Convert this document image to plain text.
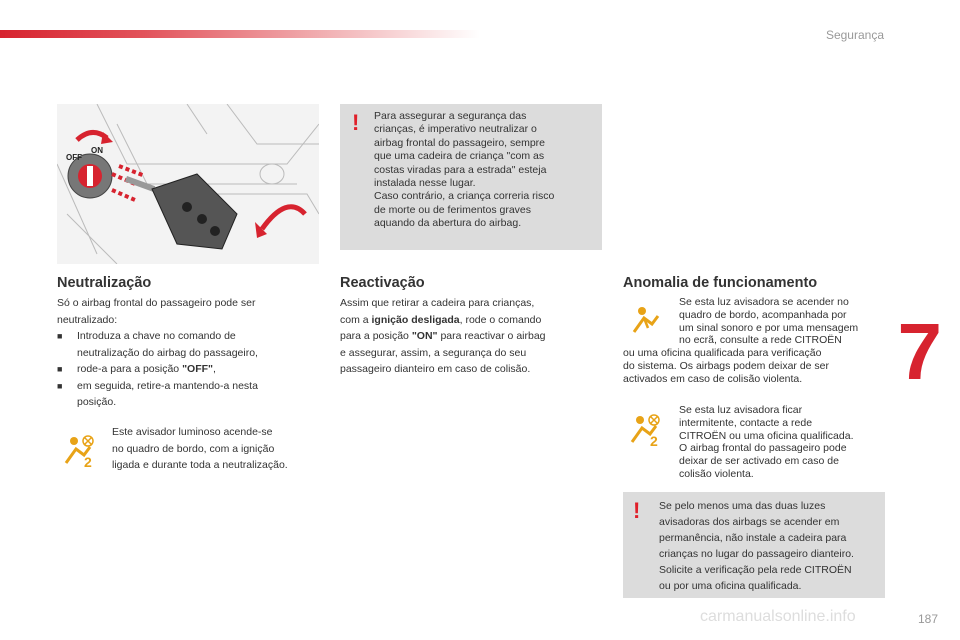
Segurança
7
OFF
ON
! Para assegurar a segurança das
crianças, é imperativo neutralizar o
airbag frontal do passageiro, sempre
que uma cadeira de criança "com as
costas viradas para a estrada" esteja
instalada nesse lugar.
Caso contrário, a criança correria risco
de morte ou de ferimentos graves
aquando da abertura do airbag.
Neutralização
Só o airbag frontal do passageiro pode ser
neutralizado:
■ Introduza a chave no comando de
neutralização do airbag do passageiro,
■ rode-a para a posição "OFF",
■ em seguida, retire-a mantendo-a nesta
posição.
2
Este avisador luminoso acende-se
no quadro de bordo, com a ignição
ligada e durante toda a neutralização.
Reactivação
Assim que retirar a cadeira para crianças,
com a ignição desligada, rode o comando
para a posição "ON" para reactivar o airbag
e assegurar, assim, a segurança do seu
passageiro dianteiro em caso de colisão.
Anomalia de funcionamento
Se esta luz avisadora se acender no
quadro de bordo, acompanhada por
um sinal sonoro e por uma mensagem
no ecrã, consulte a rede CITROËN
ou uma oficina qualificada para verificação
do sistema. Os airbags podem deixar de ser
activados em caso de colisão violenta.
2
Se esta luz avisadora ficar
intermitente, contacte a rede
CITROËN ou uma oficina qualificada.
O airbag frontal do passageiro pode
deixar de ser activado em caso de
colisão violenta.
! Se pelo menos uma das duas luzes
avisadoras dos airbags se acender em
permanência, não instale a cadeira para
crianças no lugar do passageiro dianteiro.
Solicite a verificação pela rede CITROËN
ou por uma oficina qualificada.
carmanualsonline.info	187
